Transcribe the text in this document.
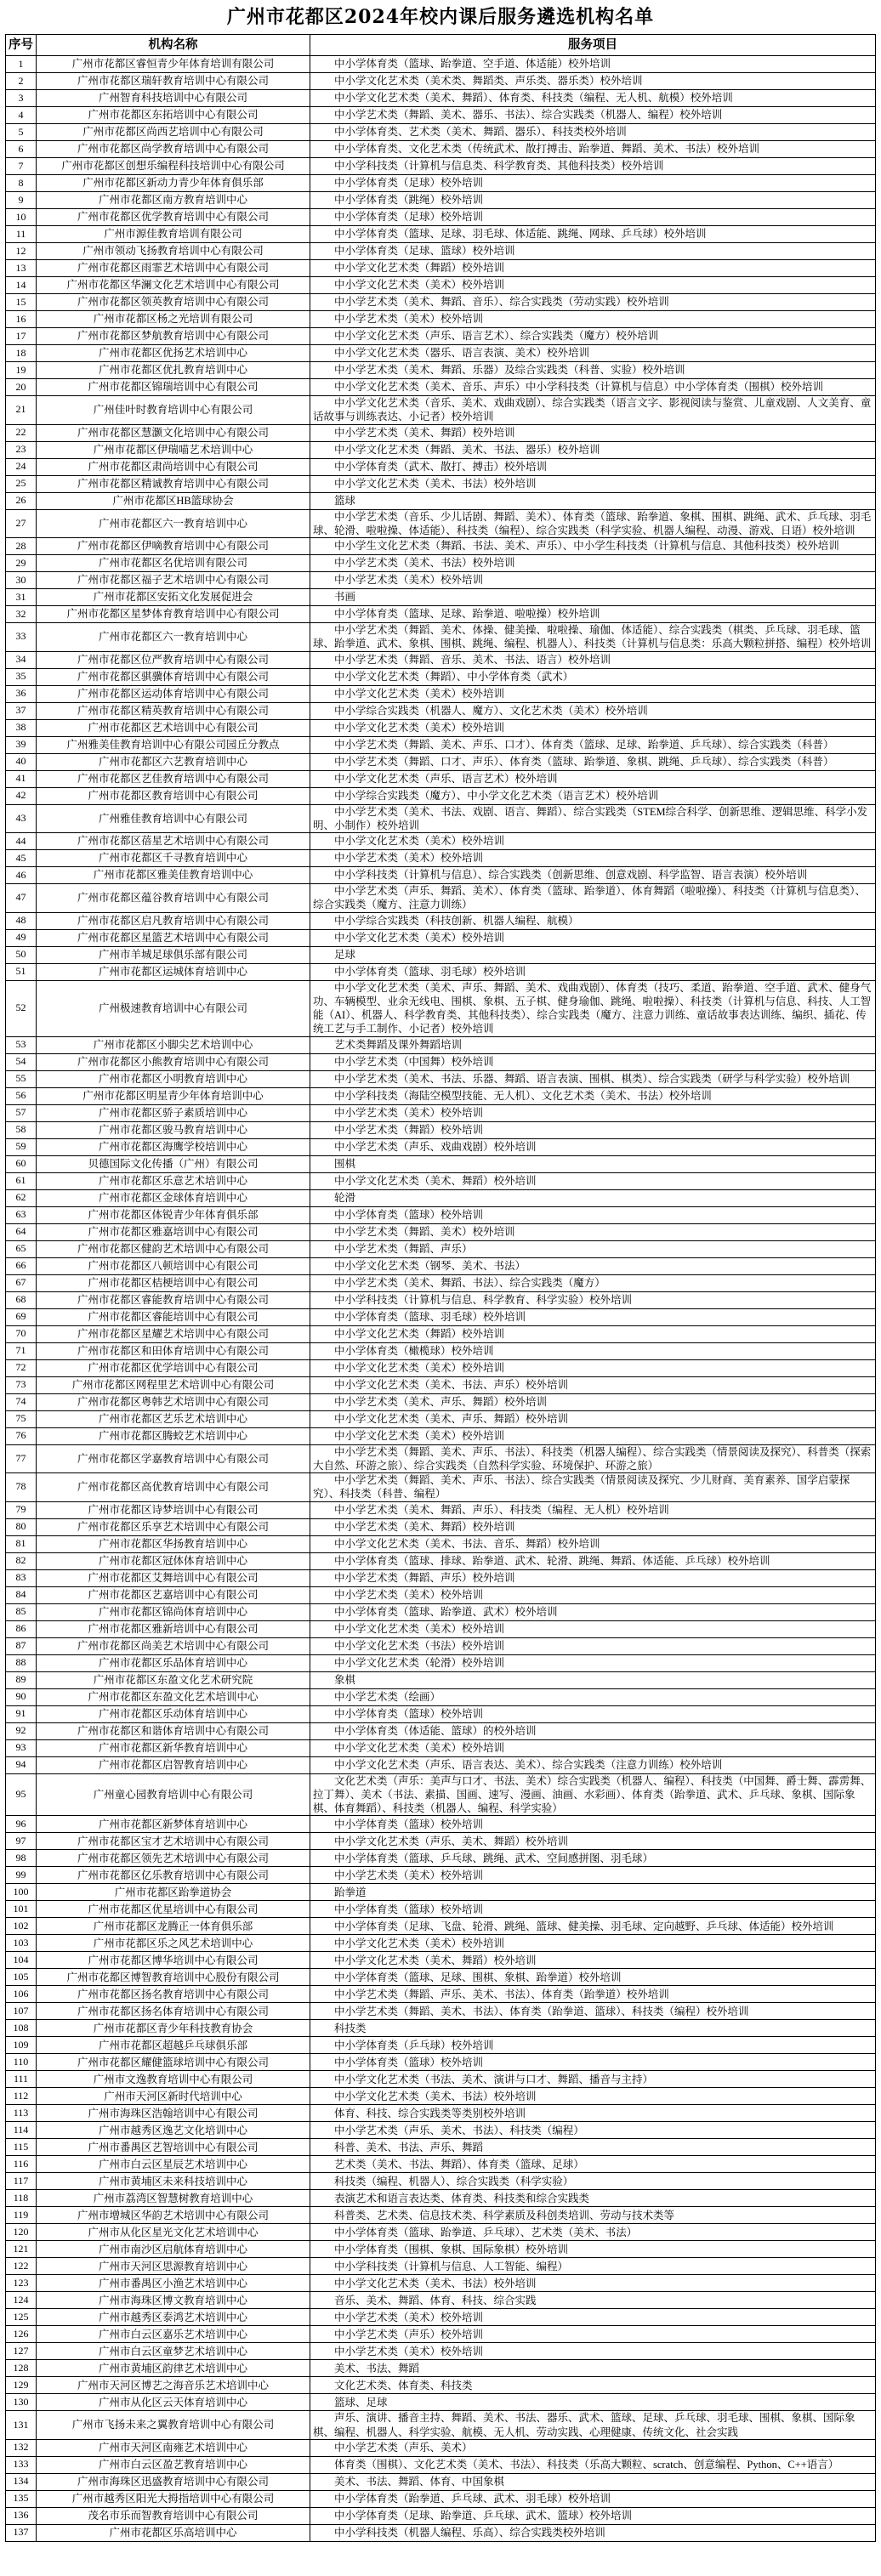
广州市花都区2024年校内课后服务遴选机构名单
序号	机构名称	服务项目
1	广州市花都区睿恒青少年体育培训有限公司	中小学体育类（篮球、跆拳道、空手道、体适能）校外培训
2	广州市花都区瑞轩教育培训中心有限公司	中小学文化艺术类（美术类、舞蹈类、声乐类、器乐类）校外培训
3	广州智育科技培训中心有限公司	中小学文化艺术类（美术、舞蹈）、体育类、科技类（编程、无人机、航模）校外培训
4	广州市花都区东拓培训中心有限公司	中小学艺术类（舞蹈、美术、器乐、书法）、综合实践类（机器人、编程）校外培训
5	广州市花都区尚西艺培训中心有限公司	中小学体育类、艺术类（美术、舞蹈、器乐）、科技类校外培训
6	广州市花都区尚学教育培训中心有限公司	中小学体育类、文化艺术类（传统武术、散打搏击、跆拳道、舞蹈、美术、书法）校外培训
7	广州市花都区创想乐编程科技培训中心有限公司	中小学科技类（计算机与信息类、科学教育类、其他科技类）校外培训
8	广州市花都区新动力青少年体育俱乐部	中小学体育类（足球）校外培训
9	广州市花都区南方教育培训中心	中小学体育类（跳绳）校外培训
10	广州市花都区优学教育培训中心有限公司	中小学体育类（足球）校外培训
11	广州市源佳教育培训有限公司	中小学体育类（篮球、足球、羽毛球、体适能、跳绳、网球、乒乓球）校外培训
12	广州市领动飞扬教育培训中心有限公司	中小学体育类（足球、篮球）校外培训
13	广州市花都区雨霏艺术培训中心有限公司	中小学文化艺术类（舞蹈）校外培训
14	广州市花都区华澜文化艺术培训中心有限公司	中小学文化艺术类（美术）校外培训
15	广州市花都区领英教育培训中心有限公司	中小学艺术类（美术、舞蹈、音乐）、综合实践类（劳动实践）校外培训
16	广州市花都区杨之光培训有限公司	中小学艺术类（美术）校外培训
17	广州市花都区梦航教育培训中心有限公司	中小学文化艺术类（声乐、语言艺术）、综合实践类（魔方）校外培训
18	广州市花都区优扬艺术培训中心	中小学文化艺术类（器乐、语言表演、美术）校外培训
19	广州市花都区优扎教育培训中心	中小学艺术类（美术、舞蹈、乐器）及综合实践类（科普、实验）校外培训
20	广州市花都区锦瑞培训中心有限公司	中小学文化艺术类（美术、音乐、声乐）中小学科技类（计算机与信息）中小学体育类（围棋）校外培训
21	广州佳叶时教育培训中心有限公司	中小学文化艺术类（音乐、美术、戏曲戏剧）、综合实践类（语言文字、影视阅读与鉴赏、儿童戏剧、人文美育、童话故事与训练表达、小记者）校外培训
22	广州市花都区慧灏文化培训中心有限公司	中小学艺术类（美术、舞蹈）校外培训
23	广州市花都区伊瑞喵艺术培训中心	中小学文化艺术类（舞蹈、美术、书法、器乐）校外培训
24	广州市花都区肃尚培训中心有限公司	中小学体育类（武术、散打、搏击）校外培训
25	广州市花都区精诚教育培训中心有限公司	中小学文化艺术类（美术、书法）校外培训
26	广州市花都区HB篮球协会	篮球
27	广州市花都区六一教育培训中心	中小学艺术类（音乐、少儿话剧、舞蹈、美术）、体育类（篮球、跆拳道、象棋、围棋、跳绳、武术、乒乓球、羽毛球、轮滑、啦啦操、体适能）、科技类（编程）、综合实践类（科学实验、机器人编程、动漫、游戏、日语）校外培训
28	广州市花都区伊嘀教育培训中心有限公司	中小学生文化艺术类（舞蹈、书法、美术、声乐）、中小学生科技类（计算机与信息、其他科技类）校外培训
29	广州市花都区名优培训有限公司	中小学艺术类（美术、书法）校外培训
30	广州市花都区福子艺术培训中心有限公司	中小学艺术类（美术）校外培训
31	广州市花都区安拓文化发展促进会	书画
32	广州市花都区星梦体育教育培训中心有限公司	中小学体育类（篮球、足球、跆拳道、啦啦操）校外培训
33	广州市花都区六一教育培训中心	中小学艺术类（舞蹈、美术、体操、健美操、啦啦操、瑜伽、体适能）、综合实践类（棋类、乒乓球、羽毛球、篮球、跆拳道、武术、象棋、围棋、跳绳、编程、机器人）、科技类（计算机与信息类：乐高大颗粒拼搭、编程）校外培训
34	广州市花都区位严教育培训中心有限公司	中小学艺术类（舞蹈、音乐、美术、书法、语言）校外培训
35	广州市花都区骐骥体育培训中心有限公司	中小学文化艺术类（舞蹈）、中小学体育类（武术）
36	广州市花都区运动体育培训中心有限公司	中小学文化艺术类（美术）校外培训
37	广州市花都区精英教育培训中心有限公司	中小学综合实践类（机器人、魔方）、文化艺术类（美术）校外培训
38	广州市花都区艺术培训中心有限公司	中小学文化艺术类（美术）校外培训
39	广州雅美佳教育培训中心有限公司园丘分教点	中小学艺术类（舞蹈、美术、声乐、口才）、体育类（篮球、足球、跆拳道、乒乓球）、综合实践类（科普）
40	广州市花都区六艺教育培训中心	中小学艺术类（舞蹈、口才、声乐）、体育类（篮球、跆拳道、象棋、跳绳、乒乓球）、综合实践类（科普）
41	广州市花都区艺佳教育培训中心有限公司	中小学文化艺术类（声乐、语言艺术）校外培训
42	广州市花都区教育培训中心有限公司	中小学综合实践类（魔方）、中小学文化艺术类（语言艺术）校外培训
43	广州雅佳教育培训中心有限公司	中小学艺术类（美术、书法、戏剧、语言、舞蹈）、综合实践类（STEM综合科学、创新思维、逻辑思维、科学小发明、小制作）校外培训
44	广州市花都区蓓星艺术培训中心有限公司	中小学文化艺术类（美术）校外培训
45	广州市花都区千寻教育培训中心	中小学艺术类（美术）校外培训
46	广州市花都区雅美佳教育培训中心	中小学科技类（计算机与信息）、综合实践类（创新思维、创意戏剧、科学监智、语言表演）校外培训
47	广州市花都区蕴谷教育培训中心有限公司	中小学艺术类（声乐、舞蹈、美术）、体育类（篮球、跆拳道）、体育舞蹈（啦啦操）、科技类（计算机与信息类）、综合实践类（魔方、注意力训练）
48	广州市花都区启凡教育培训中心有限公司	中小学综合实践类（科技创新、机器人编程、航模）
49	广州市花都区星篮艺术培训中心有限公司	中小学文化艺术类（美术）校外培训
50	广州市羊城足球俱乐部有限公司	足球
51	广州市花都区运城体育培训中心	中小学体育类（篮球、羽毛球）校外培训
52	广州极速教育培训中心有限公司	中小学文化艺术类（美术、声乐、舞蹈、美术、戏曲戏剧）、体育类（技巧、柔道、跆拳道、空手道、武术、健身气功、车辆模型、业余无线电、围棋、象棋、五子棋、健身瑜伽、跳绳、啦啦操）、科技类（计算机与信息、科技、人工智能（AI）、机器人、科学教育类、其他科技类）、综合实践类（魔方、注意力训练、童话故事表达训练、编织、插花、传统工艺与手工制作、小记者）校外培训
53	广州市花都区小脚尖艺术培训中心	艺术类舞蹈及课外舞蹈培训
54	广州市花都区小熊教育培训中心有限公司	中小学艺术类（中国舞）校外培训
55	广州市花都区小明教育培训中心	中小学艺术类（美术、书法、乐器、舞蹈、语言表演、围棋、棋类）、综合实践类（研学与科学实验）校外培训
56	广州市花都区明星青少年体育培训中心	中小学科技类（海陆空模型技能、无人机）、文化艺术类（美术、书法）校外培训
57	广州市花都区骄子素质培训中心	中小学艺术类（美术）校外培训
58	广州市花都区骏马教育培训中心	中小学艺术类（舞蹈）校外培训
59	广州市花都区海鹰学校培训中心	中小学艺术类（声乐、戏曲戏剧）校外培训
60	贝德国际文化传播（广州）有限公司	围棋
61	广州市花都区乐意艺术培训中心	中小学文化艺术类（美术、舞蹈）校外培训
62	广州市花都区金球体育培训中心	轮滑
63	广州市花都区体锐青少年体育俱乐部	中小学体育类（篮球）校外培训
64	广州市花都区雅嘉培训中心有限公司	中小学艺术类（舞蹈、美术）校外培训
65	广州市花都区健韵艺术培训中心有限公司	中小学艺术类（舞蹈、声乐）
66	广州市花都区八顿培训中心有限公司	中小学文化艺术类（钢琴、美术、书法）
67	广州市花都区桔梗培训中心有限公司	中小学艺术类（美术、舞蹈、书法）、综合实践类（魔方）
68	广州市花都区睿能教育培训中心有限公司	中小学科技类（计算机与信息、科学教育、科学实验）校外培训
69	广州市花都区睿能培训中心有限公司	中小学体育类（篮球、羽毛球）校外培训
70	广州市花都区星耀艺术培训中心有限公司	中小学文化艺术类（舞蹈）校外培训
71	广州市花都区和田体育培训中心有限公司	中小学体育类（橄榄球）校外培训
72	广州市花都区优学培训中心有限公司	中小学文化艺术类（美术）校外培训
73	广州市花都区网程里艺术培训中心有限公司	中小学文化艺术类（美术、书法、声乐）校外培训
74	广州市花都区粤韩艺术培训中心有限公司	中小学艺术类（美术、声乐、舞蹈）校外培训
75	广州市花都区艺乐艺术培训中心	中小学文化艺术类（美术、声乐、舞蹈）校外培训
76	广州市花都区腾蛟艺术培训中心	中小学文化艺术类（美术）校外培训
77	广州市花都区学嘉教育培训中心有限公司	中小学艺术类（舞蹈、美术、声乐、书法）、科技类（机器人编程）、综合实践类（情景阅读及探究）、科普类（探索大自然、环游之旅）、综合实践类（自然科学实验、环境保护、环游之旅）
78	广州市花都区高优教育培训中心有限公司	中小学艺术类（舞蹈、美术、声乐、书法）、综合实践类（情景阅读及探究、少儿财商、美育素养、国学启蒙探究）、科技类（科普、编程）
79	广州市花都区诗梦培训中心有限公司	中小学艺术类（美术、舞蹈、声乐）、科技类（编程、无人机）校外培训
80	广州市花都区乐享艺术培训中心有限公司	中小学艺术类（美术、舞蹈）校外培训
81	广州市花都区华扬教育培训中心	中小学文化艺术类（美术、书法、音乐、舞蹈）校外培训
82	广州市花都区冠体体育培训中心	中小学体育类（篮球、排球、跆拳道、武术、轮滑、跳绳、舞蹈、体适能、乒乓球）校外培训
83	广州市花都区艾舞培训中心有限公司	中小学艺术类（舞蹈、声乐）校外培训
84	广州市花都区艺嘉培训中心有限公司	中小学艺术类（美术）校外培训
85	广州市花都区锦尚体育培训中心	中小学体育类（篮球、跆拳道、武术）校外培训
86	广州市花都区雅新培训中心有限公司	中小学文化艺术类（美术）校外培训
87	广州市花都区尚美艺术培训中心有限公司	中小学文化艺术类（书法）校外培训
88	广州市花都区乐品体育培训中心	中小学文化艺术类（轮滑）校外培训
89	广州市花都区东盈文化艺术研究院	象棋
90	广州市花都区东盈文化艺术培训中心	中小学艺术类（绘画）
91	广州市花都区乐动体育培训中心	中小学体育类（篮球）校外培训
92	广州市花都区和谐体育培训中心有限公司	中小学体育类（体适能、篮球）的校外培训
93	广州市花都区新华教育培训中心	中小学文化艺术类（美术）校外培训
94	广州市花都区启智教育培训中心	中小学文化艺术类（声乐、语言表达、美术）、综合实践类（注意力训练）校外培训
95	广州童心园教育培训中心有限公司	文化艺术类（声乐：美声与口才、书法、美术）综合实践类（机器人、编程）、科技类（中国舞、爵士舞、霹雳舞、拉丁舞）、美术（书法、素描、国画、速写、漫画、油画、水彩画）、体育类（跆拳道、武术、乒乓球、象棋、国际象棋、体育舞蹈）、科技类（机器人、编程、科学实验）
96	广州市花都区新梦体育培训中心	中小学体育类（篮球）校外培训
97	广州市花都区宝才艺术培训中心有限公司	中小学文化艺术类（声乐、美术、舞蹈）校外培训
98	广州市花都区领先艺术培训中心有限公司	中小学体育类（篮球、乒乓球、跳绳、武术、空间感拼图、羽毛球）
99	广州市花都区亿乐教育培训中心有限公司	中小学艺术类（美术）校外培训
100	广州市花都区跆拳道协会	跆拳道
101	广州市花都区优星培训中心有限公司	中小学体育类（篮球）校外培训
102	广州市花都区龙腾正一体育俱乐部	中小学体育类（足球、飞盘、轮滑、跳绳、篮球、健美操、羽毛球、定向越野、乒乓球、体适能）校外培训
103	广州市花都区乐之风艺术培训中心	中小学文化艺术类（美术）校外培训
104	广州市花都区博华培训中心有限公司	中小学文化艺术类（美术、舞蹈）校外培训
105	广州市花都区博智教育培训中心股份有限公司	中小学体育类（篮球、足球、围棋、象棋、跆拳道）校外培训
106	广州市花都区扬名教育培训中心有限公司	中小学艺术类（舞蹈、声乐、美术、书法）、体育类（跆拳道）校外培训
107	广州市花都区扬名体育培训中心有限公司	中小学艺术类（舞蹈、美术、书法）、体育类（跆拳道、篮球）、科技类（编程）校外培训
108	广州市花都区青少年科技教育协会	科技类
109	广州市花都区超越乒乓球俱乐部	中小学体育类（乒乓球）校外培训
110	广州市花都区耀健篮球培训中心有限公司	中小学体育类（篮球）校外培训
111	广州市文逸教育培训中心有限公司	中小学文化艺术类（书法、美术、演讲与口才、舞蹈、播音与主持）
112	广州市天河区新时代培训中心	中小学文化艺术类（美术、书法）校外培训
113	广州市海珠区浩翰培训中心有限公司	体育、科技、综合实践类等类别校外培训
114	广州市越秀区逸艺文化培训中心	中小学艺术类（声乐、美术、书法）、科技类（编程）
115	广州市番禺区艺智培训中心有限公司	科普、美术、书法、声乐、舞蹈
116	广州市白云区星辰艺术培训中心	艺术类（美术、书法、舞蹈）、体育类（篮球、足球）
117	广州市黄埔区未来科技培训中心	科技类（编程、机器人）、综合实践类（科学实验）
118	广州市荔湾区智慧树教育培训中心	表演艺术和语言表达类、体育类、科技类和综合实践类
119	广州市增城区华韵艺术培训中心有限公司	科普类、艺术类、信息技术类、科学素质及科创类培训、劳动与技术类等
120	广州市从化区星光文化艺术培训中心	中小学体育类（篮球、跆拳道、乒乓球）、艺术类（美术、书法）
121	广州市南沙区启航体育培训中心	中小学体育类（围棋、象棋、国际象棋）校外培训
122	广州市天河区思源教育培训中心	中小学科技类（计算机与信息、人工智能、编程）
123	广州市番禺区小渔艺术培训中心	中小学文化艺术类（美术、书法）校外培训
124	广州市海珠区博文教育培训中心	音乐、美术、舞蹈、体育、科技、综合实践
125	广州市越秀区泰鸿艺术培训中心	中小学艺术类（美术）校外培训
126	广州市白云区嘉乐艺术培训中心	中小学艺术类（声乐）校外培训
127	广州市白云区童梦艺术培训中心	中小学艺术类（美术）校外培训
128	广州市黄埔区韵律艺术培训中心	美术、书法、舞蹈
129	广州市天河区博艺之海音乐艺术培训中心	文化艺术类、体育类、科技类
130	广州市从化区云天体育培训中心	篮球、足球
131	广州市飞扬未来之翼教育培训中心有限公司	声乐、演讲、播音主持、舞蹈、美术、书法、器乐、武术、篮球、足球、乒乓球、羽毛球、围棋、象棋、国际象棋、编程、机器人、科学实验、航模、无人机、劳动实践、心理健康、传统文化、社会实践
132	广州市天河区南雍艺术培训中心	中小学艺术类（声乐、美术）
133	广州市白云区盈艺教育培训中心	体育类（围棋）、文化艺术类（美术、书法）、科技类（乐高大颗粒、scratch、创意编程、Python、C++语言）
134	广州市海珠区迅盛教育培训中心有限公司	美术、书法、舞蹈、体育、中国象棋
135	广州市越秀区阳光大拇指培训中心有限公司	中小学体育类（跆拳道、乒乓球、武术、羽毛球）校外培训
136	茂名市乐而智教育培训中心有限公司	中小学体育类（足球、跆拳道、乒乓球、武术、篮球）校外培训
137	广州市花都区乐高培训中心	中小学科技类（机器人编程、乐高）、综合实践类校外培训
